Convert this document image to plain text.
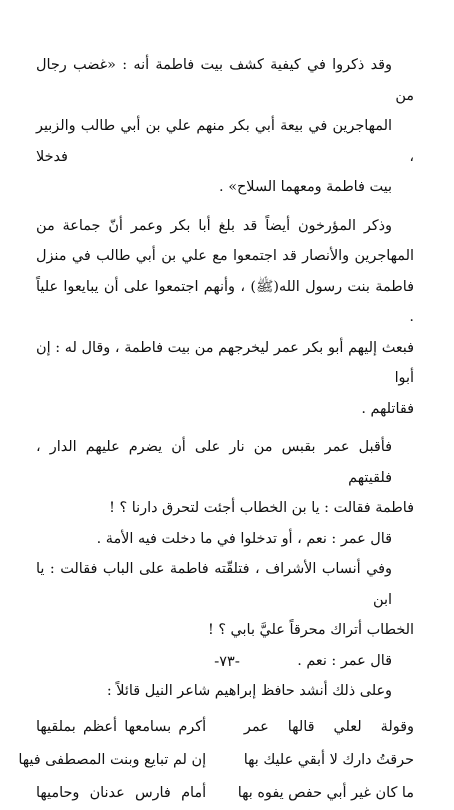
وقد ذكروا في كيفية كشف بيت فاطمة أنه : «غضب رجال من
المهاجرين في بيعة أبي بكر منهم علي بن أبي طالب والزبير ، فدخلا
بيت فاطمة ومعهما السلاح» .
وذكر المؤرخون أيضاً قد بلغ أبا بكر وعمر أنّ جماعة من
المهاجرين والأنصار قد اجتمعوا مع علي بن أبي طالب في منزل
فاطمة بنت رسول الله(ﷺ) ، وأنهم اجتمعوا على أن يبايعوا علياً .
فبعث إليهم أبو بكر عمر ليخرجهم من بيت فاطمة ، وقال له : إن أبوا
فقاتلهم .
فأقبل عمر بقبس من نار على أن يضرم عليهم الدار ، فلقيتهم
فاطمة فقالت : يا بن الخطاب أجئت لتحرق دارنا ؟ !
قال عمر : نعم ، أو تدخلوا في ما دخلت فيه الأمة .
وفي أنساب الأشراف ، فتلقّته فاطمة على الباب فقالت : يا ابن
الخطاب أتراك محرقاً عليَّ بابي ؟ !
قال عمر : نعم .
وعلى ذلك أنشد حافظ إبراهيم شاعر النيل قائلاً :
وقولة لعلي قالها عمر
أكرم بسامعها أعظم بملقيها
حرقتُ دارك لا أبقي عليك بها
إن لم تبايع وبنت المصطفى فيها
ما كان غير أبي حفص يفوه بها
أمام فارس عدنان وحاميها
-٧٣-
